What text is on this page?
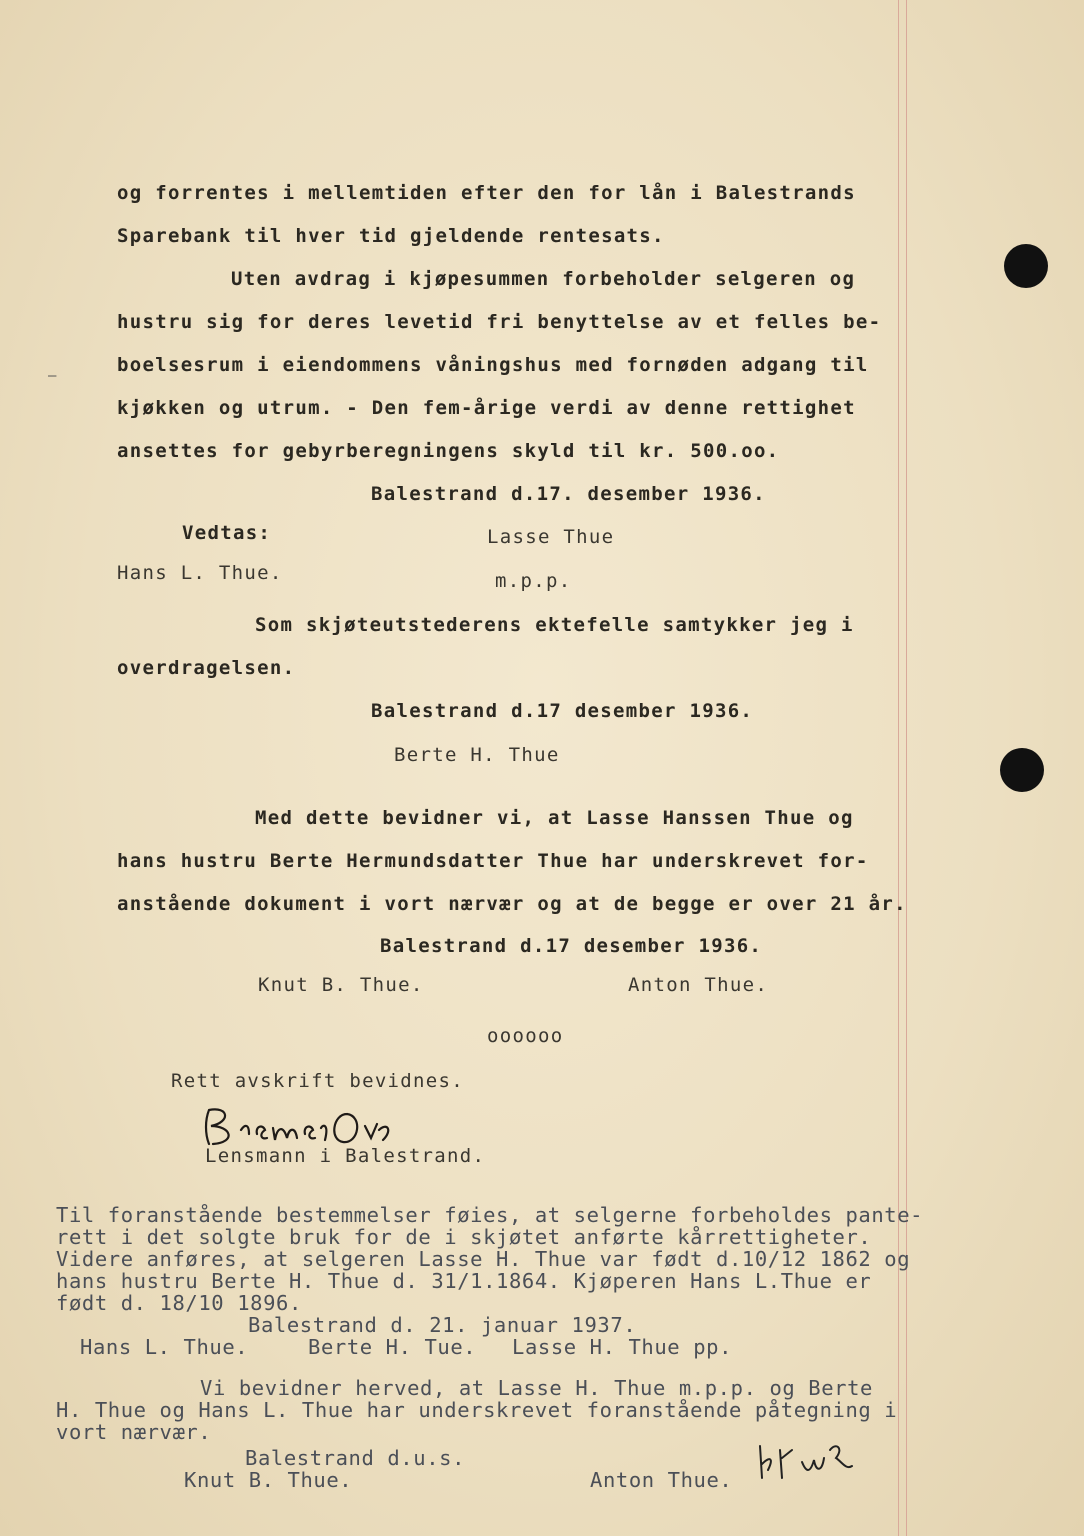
–
og forrentes i mellemtiden efter den for lån i Balestrands
Sparebank til hver tid gjeldende rentesats.
Uten avdrag i kjøpesummen forbeholder selgeren og
hustru sig for deres levetid fri benyttelse av et felles be-
boelsesrum i eiendommens våningshus med fornøden adgang til
kjøkken og utrum. - Den fem-årige verdi av denne rettighet
ansettes for gebyrberegningens skyld til kr. 500.oo.
Balestrand d.17. desember 1936.
Vedtas:	Lasse Thue
Hans L. Thue.	m.p.p.
Som skjøteutstederens ektefelle samtykker jeg i
overdragelsen.
Balestrand d.17 desember 1936.
Berte H. Thue
Med dette bevidner vi, at Lasse Hanssen Thue og
hans hustru Berte Hermundsdatter Thue har underskrevet for-
anstående dokument i vort nærvær og at de begge er over 21 år.
Balestrand d.17 desember 1936.
Knut B. Thue.	Anton Thue.
oooooo
Rett avskrift bevidnes.
Lensmann i Balestrand.
Til foranstående bestemmelser føies, at selgerne forbeholdes pante-
rett i det solgte bruk for de i skjøtet anførte kårrettigheter.
Videre anføres, at selgeren Lasse H. Thue var født d.10/12 1862 og
hans hustru Berte H. Thue d. 31/1.1864. Kjøperen Hans L.Thue er
født d. 18/10 1896.
Balestrand d. 21. januar 1937.
Hans L. Thue.	Berte H. Tue. Lasse H. Thue pp.
Vi bevidner herved, at Lasse H. Thue m.p.p. og Berte
H. Thue og Hans L. Thue har underskrevet foranstående påtegning i
vort nærvær.
Balestrand d.u.s.
Knut B. Thue.	Anton Thue.
